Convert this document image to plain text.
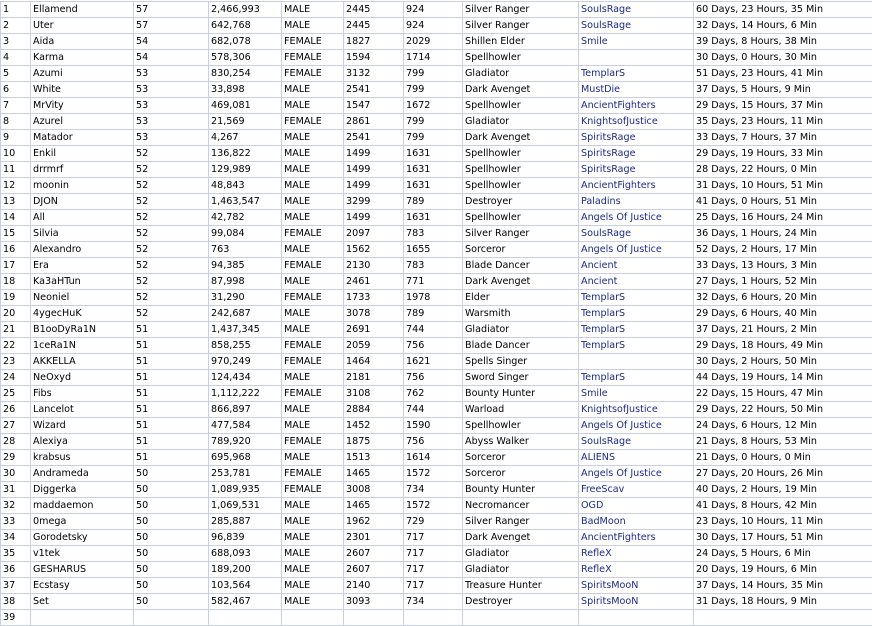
1	Ellamend	57	2,466,993	MALE	2445	924	Silver Ranger	SoulsRage	60 Days, 23 Hours, 35 Min
2	Uter	57	642,768	MALE	2445	924	Silver Ranger	SoulsRage	32 Days, 14 Hours, 6 Min
3	Aida	54	682,078	FEMALE	1827	2029	Shillen Elder	Smile	39 Days, 8 Hours, 38 Min
4	Karma	54	578,306	FEMALE	1594	1714	Spellhowler		30 Days, 0 Hours, 30 Min
5	Azumi	53	830,254	FEMALE	3132	799	Gladiator	TemplarS	51 Days, 23 Hours, 41 Min
6	White	53	33,898	MALE	2541	799	Dark Avenget	MustDie	37 Days, 5 Hours, 9 Min
7	MrVity	53	469,081	MALE	1547	1672	Spellhowler	AncientFighters	29 Days, 15 Hours, 37 Min
8	Azurel	53	21,569	FEMALE	2861	799	Gladiator	KnightsofJustice	35 Days, 23 Hours, 11 Min
9	Matador	53	4,267	MALE	2541	799	Dark Avenget	SpiritsRage	33 Days, 7 Hours, 37 Min
10	Enkil	52	136,822	MALE	1499	1631	Spellhowler	SpiritsRage	29 Days, 19 Hours, 33 Min
11	drrmrf	52	129,989	MALE	1499	1631	Spellhowler	SpiritsRage	28 Days, 22 Hours, 0 Min
12	moonin	52	48,843	MALE	1499	1631	Spellhowler	AncientFighters	31 Days, 10 Hours, 51 Min
13	DJON	52	1,463,547	MALE	3299	789	Destroyer	Paladins	41 Days, 0 Hours, 51 Min
14	All	52	42,782	MALE	1499	1631	Spellhowler	Angels Of Justice	25 Days, 16 Hours, 24 Min
15	Silvia	52	99,084	FEMALE	2097	783	Silver Ranger	SoulsRage	36 Days, 1 Hours, 24 Min
16	Alexandro	52	763	MALE	1562	1655	Sorceror	Angels Of Justice	52 Days, 2 Hours, 17 Min
17	Era	52	94,385	FEMALE	2130	783	Blade Dancer	Ancient	33 Days, 13 Hours, 3 Min
18	Ka3aHTun	52	87,998	MALE	2461	771	Dark Avenget	Ancient	27 Days, 1 Hours, 52 Min
19	Neoniel	52	31,290	FEMALE	1733	1978	Elder	TemplarS	32 Days, 6 Hours, 20 Min
20	4ygecHuK	52	242,687	MALE	3078	789	Warsmith	TemplarS	29 Days, 6 Hours, 40 Min
21	B1ooDyRa1N	51	1,437,345	MALE	2691	744	Gladiator	TemplarS	37 Days, 21 Hours, 2 Min
22	1ceRa1N	51	858,255	FEMALE	2059	756	Blade Dancer	TemplarS	29 Days, 18 Hours, 49 Min
23	AKKELLA	51	970,249	FEMALE	1464	1621	Spells Singer		30 Days, 2 Hours, 50 Min
24	NeOxyd	51	124,434	MALE	2181	756	Sword Singer	TemplarS	44 Days, 19 Hours, 14 Min
25	Fibs	51	1,112,222	FEMALE	3108	762	Bounty Hunter	Smile	22 Days, 15 Hours, 47 Min
26	Lancelot	51	866,897	MALE	2884	744	Warload	KnightsofJustice	29 Days, 22 Hours, 50 Min
27	Wizard	51	477,584	MALE	1452	1590	Spellhowler	Angels Of Justice	24 Days, 6 Hours, 12 Min
28	Alexiya	51	789,920	FEMALE	1875	756	Abyss Walker	SoulsRage	21 Days, 8 Hours, 53 Min
29	krabsus	51	695,968	MALE	1513	1614	Sorceror	ALIENS	21 Days, 0 Hours, 0 Min
30	Andrameda	50	253,781	FEMALE	1465	1572	Sorceror	Angels Of Justice	27 Days, 20 Hours, 26 Min
31	Diggerka	50	1,089,935	FEMALE	3008	734	Bounty Hunter	FreeScav	40 Days, 2 Hours, 19 Min
32	maddaemon	50	1,069,531	MALE	1465	1572	Necromancer	OGD	41 Days, 8 Hours, 42 Min
33	0mega	50	285,887	MALE	1962	729	Silver Ranger	BadMoon	23 Days, 10 Hours, 11 Min
34	Gorodetsky	50	96,839	MALE	2301	717	Dark Avenget	AncientFighters	30 Days, 17 Hours, 51 Min
35	v1tek	50	688,093	MALE	2607	717	Gladiator	RefleX	24 Days, 5 Hours, 6 Min
36	GESHARUS	50	189,200	MALE	2607	717	Gladiator	RefleX	20 Days, 19 Hours, 6 Min
37	Ecstasy	50	103,564	MALE	2140	717	Treasure Hunter	SpiritsMooN	37 Days, 14 Hours, 35 Min
38	Set	50	582,467	MALE	3093	734	Destroyer	SpiritsMooN	31 Days, 18 Hours, 9 Min
39									
